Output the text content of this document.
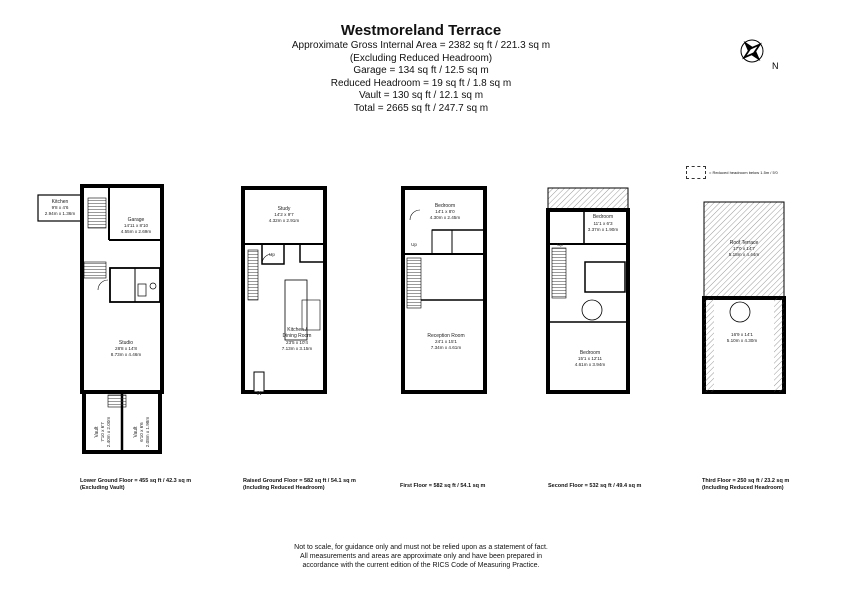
Westmoreland Terrace
Approximate Gross Internal Area = 2382 sq ft / 221.3 sq m
(Excluding Reduced Headroom)
Garage = 134 sq ft / 12.5 sq m
Reduced Headroom = 19 sq ft / 1.8 sq m
Vault = 130 sq ft / 12.1 sq m
Total = 2665 sq ft / 247.7 sq m
= Reduced headroom below 1.5m / 5'0
N
Kitchen
9'8 x 4'6
2.94m x 1.36m
Garage
14'11 x 8'10
4.55m x 2.69m
Studio
28'8 x 14'8
8.73m x 4.46m
Vault 7'10 x 6'7 2.40m x 2.00m	Vault 6'10 x 6'6 2.08m x 1.98m
Study
14'2 x 9'7
4.32m x 2.91m
Kitchen /
Dining Room
23'5 x 10'4
7.13m x 3.15m
IN
Bedroom
14'1 x 8'0
4.30m x 2.45m
Reception Room
24'1 x 15'1
7.34m x 4.61m
Bedroom
11'1 x 6'3
3.37m x 1.90m
Bedroom
15'1 x 12'11
4.61m x 3.94m
Roof Terrace
17'0 x 14'7
5.18m x 4.44m
16'9 x 14'1
5.10m x 4.30m
Up	Up
Up
Lower Ground Floor = 455 sq ft / 42.3 sq m
(Excluding Vault)
Raised Ground Floor = 582 sq ft / 54.1 sq m
(Including Reduced Headroom)	First Floor = 582 sq ft / 54.1 sq m	Second Floor = 532 sq ft / 49.4 sq m
Third Floor = 250 sq ft / 23.2 sq m
(Including Reduced Headroom)
Not to scale, for guidance only and must not be relied upon as a statement of fact.
All measurements and areas are approximate only and have been prepared in
accordance with the current edition of the RICS Code of Measuring Practice.
